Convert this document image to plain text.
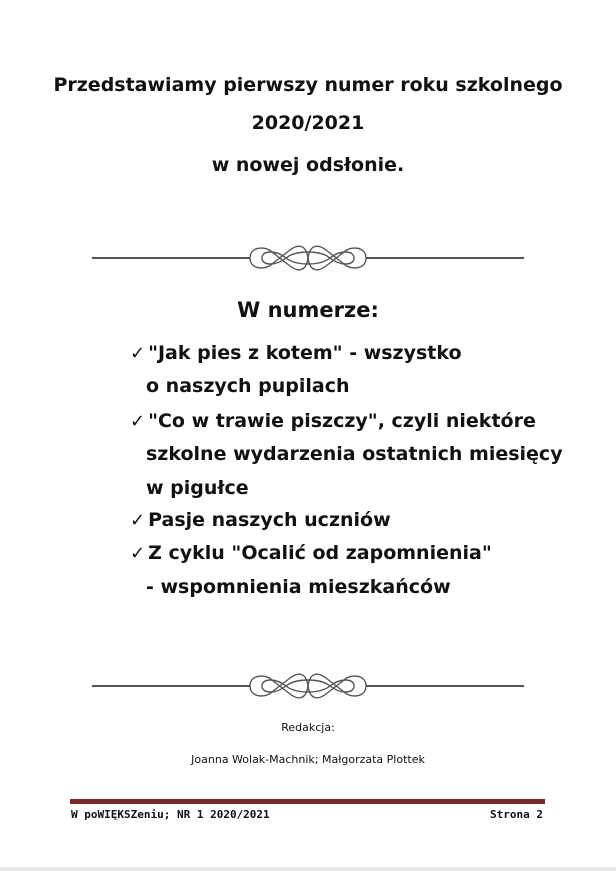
Przedstawiamy pierwszy numer roku szkolnego
2020/2021
w nowej odsłonie.
W numerze:
✓ "Jak pies z kotem" - wszystko
o naszych pupilach
✓ "Co w trawie piszczy", czyli niektóre
szkolne wydarzenia ostatnich miesięcy
w pigułce
✓ Pasje naszych uczniów
✓ Z cyklu "Ocalić od zapomnienia"
- wspomnienia mieszkańców
Redakcja:
Joanna Wolak-Machnik; Małgorzata Plottek
W poWIĘKSZeniu; NR 1 2020/2021	Strona 2
